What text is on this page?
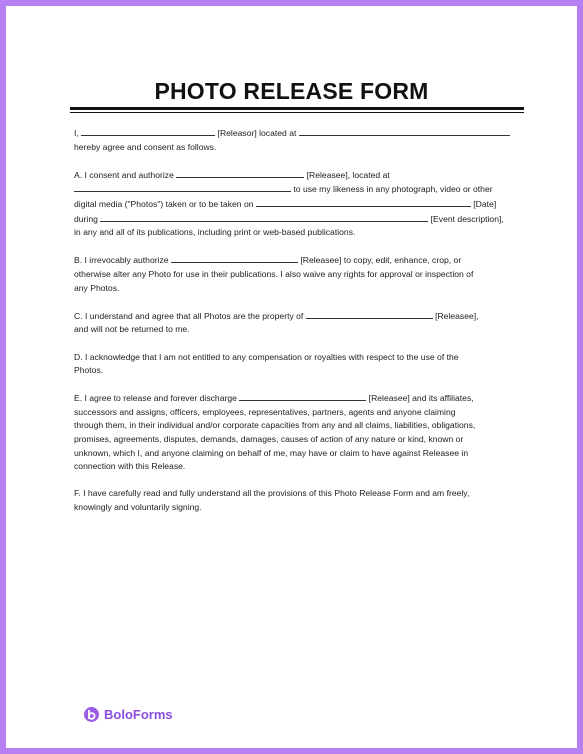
PHOTO RELEASE FORM
I,	[Releasor] located at
hereby agree and consent as follows.
A. I consent and authorize	[Releasee], located at
to use my likeness in any photograph, video or other
digital media ("Photos") taken or to be taken on	[Date]
during	[Event description],
in any and all of its publications, including print or web-based publications.
B. I irrevocably authorize	[Releasee] to copy, edit, enhance, crop, or
otherwise alter any Photo for use in their publications. I also waive any rights for approval or inspection of
any Photos.
C. I understand and agree that all Photos are the property of	[Releasee],
and will not be returned to me.
D. I acknowledge that I am not entitled to any compensation or royalties with respect to the use of the
Photos.
E. I agree to release and forever discharge	[Releasee] and its affiliates,
successors and assigns, officers, employees, representatives, partners, agents and anyone claiming
through them, in their individual and/or corporate capacities from any and all claims, liabilities, obligations,
promises, agreements, disputes, demands, damages, causes of action of any nature or kind, known or
unknown, which I, and anyone claiming on behalf of me, may have or claim to have against Releasee in
connection with this Release.
F. I have carefully read and fully understand all the provisions of this Photo Release Form and am freely,
knowingly and voluntarily signing.
BoloForms
